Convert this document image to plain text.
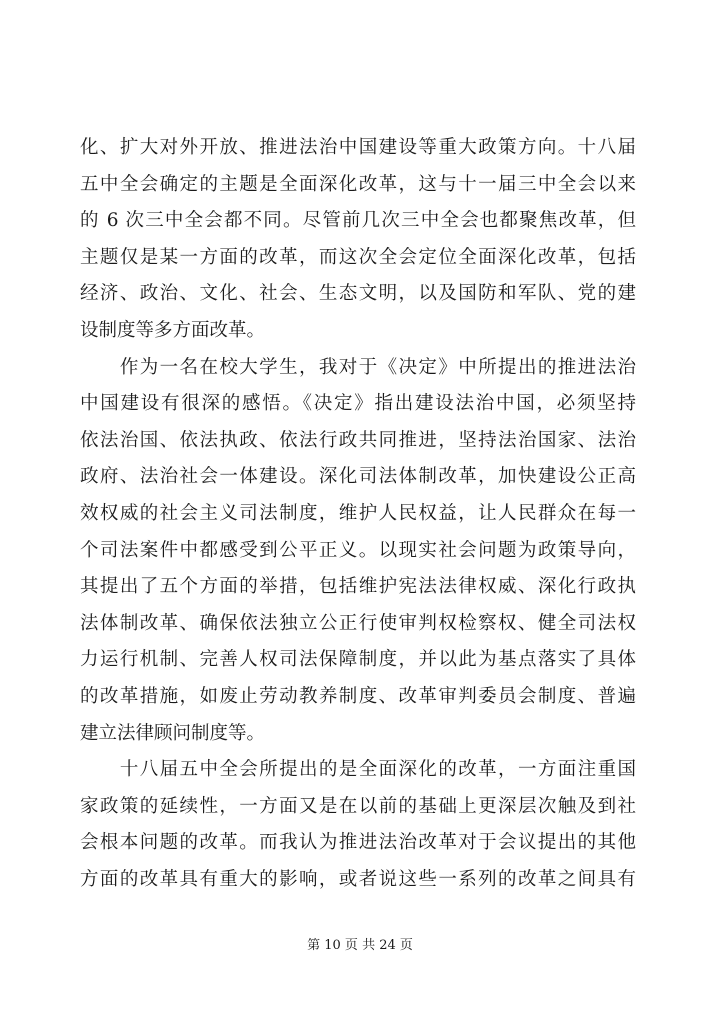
化、扩大对外开放、推进法治中国建设等重大政策方向。十八届
五中全会确定的主题是全面深化改革，这与十一届三中全会以来
的 6 次三中全会都不同。尽管前几次三中全会也都聚焦改革，但
主题仅是某一方面的改革，而这次全会定位全面深化改革，包括
经济、政治、文化、社会、生态文明，以及国防和军队、党的建
设制度等多方面改革。
　　作为一名在校大学生，我对于《决定》中所提出的推进法治
中国建设有很深的感悟。《决定》指出建设法治中国，必须坚持
依法治国、依法执政、依法行政共同推进，坚持法治国家、法治
政府、法治社会一体建设。深化司法体制改革，加快建设公正高
效权威的社会主义司法制度，维护人民权益，让人民群众在每一
个司法案件中都感受到公平正义。以现实社会问题为政策导向，
其提出了五个方面的举措，包括维护宪法法律权威、深化行政执
法体制改革、确保依法独立公正行使审判权检察权、健全司法权
力运行机制、完善人权司法保障制度，并以此为基点落实了具体
的改革措施，如废止劳动教养制度、改革审判委员会制度、普遍
建立法律顾问制度等。
　　十八届五中全会所提出的是全面深化的改革，一方面注重国
家政策的延续性，一方面又是在以前的基础上更深层次触及到社
会根本问题的改革。而我认为推进法治改革对于会议提出的其他
方面的改革具有重大的影响，或者说这些一系列的改革之间具有
第 10 页 共 24 页
